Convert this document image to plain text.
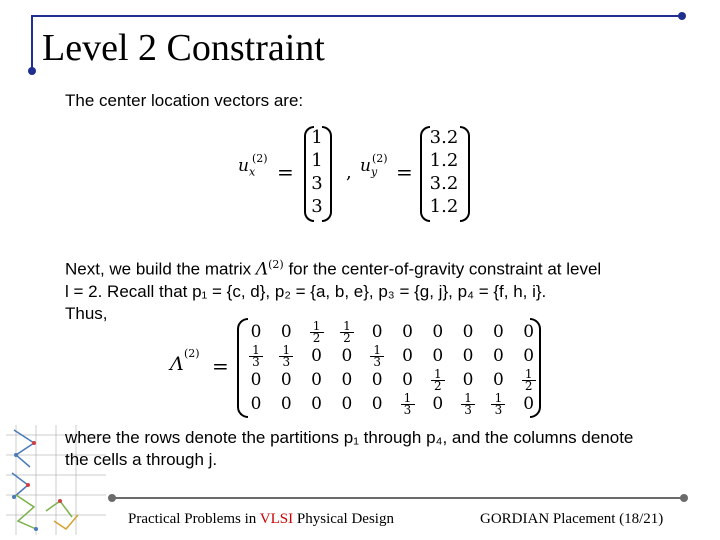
Level 2 Constraint
The center location vectors are:
$u_x$
(2)
=
1
1
3
3
, $u_y$
(2)
=
3.2
1.2
3.2
1.2
Next, we build the matrix $\Lambda^{(2)}$ for the center-of-gravity constraint at level
l = 2. Recall that p₁ = {c, d}, p₂ = {a, b, e}, p₃ = {g, j}, p₄ = {f, h, i}.
Thus,
Λ (2)
=
0 $0 \frac{1}{2} \frac{1}{2} 0$ 0 0 0 0 0
$\frac{1}{3} \frac{1}{3} 0$ $0 \frac{1}{3} 0$ 0 0 0 0
0 0 0 0 0 $0 \frac{1}{2} 0$ $0 \frac{1}{2}$
0 0 0 0 $0 \frac{1}{3} 0 \frac{1}{3} \frac{1}{3} 0$
where the rows denote the partitions p₁ through p₄, and the columns denote
the cells a through j.
Practical Problems in VLSI Physical Design	GORDIAN Placement (18/21)
